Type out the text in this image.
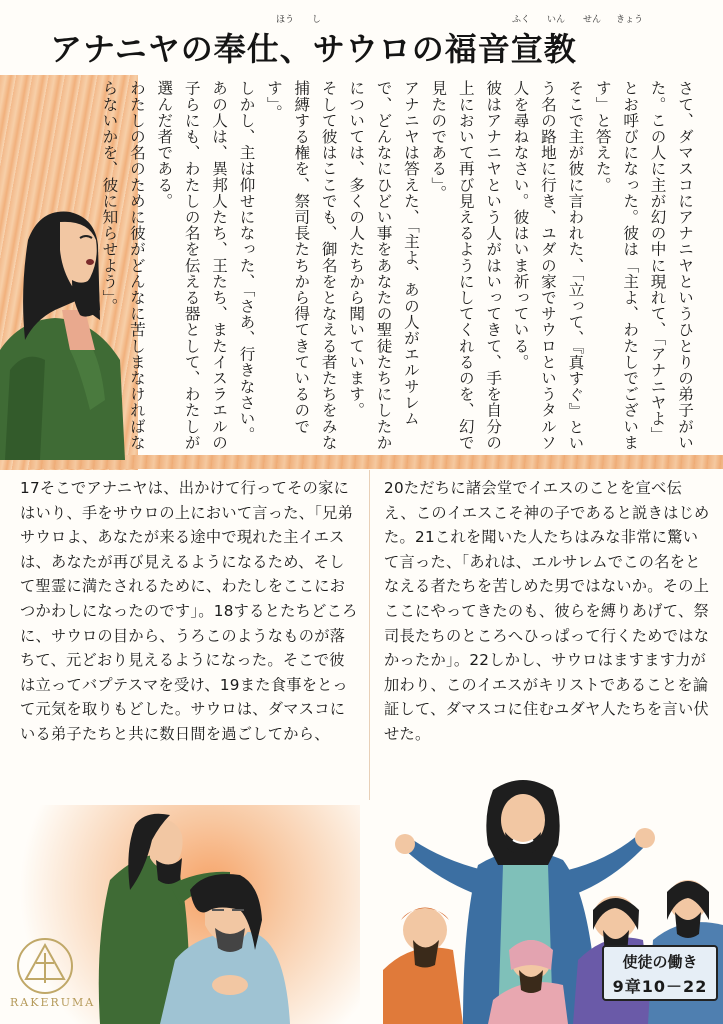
ほう し	ふく いん せん きょう
アナニヤの奉仕、サウロの福音宣教

さて、ダマスコにアナニヤというひとりの弟子がいた。この人に主が幻の中に現れて、「アナニヤよ」とお呼びになった。彼は「主よ、わたしでございます」と答えた。

そこで主が彼に言われた、「立って、『真すぐ』という名の路地に行き、ユダの家でサウロというタルソ人を尋ねなさい。彼はいま祈っている。

彼はアナニヤという人がはいってきて、手を自分の上において再び見えるようにしてくれるのを、幻で見たのである」。

アナニヤは答えた、「主よ、あの人がエルサレムで、どんなにひどい事をあなたの聖徒たちにしたかについては、多くの人たちから聞いています。

そして彼はここでも、御名をとなえる者たちをみな捕縛する権を、祭司長たちから得てきているのです」。

しかし、主は仰せになった、「さあ、行きなさい。あの人は、異邦人たち、王たち、またイスラエルの子らにも、わたしの名を伝える器として、わたしが選んだ者である。

わたしの名のために彼がどんなに苦しまなければならないかを、彼に知らせよう」。

17そこでアナニヤは、出かけて行ってその家にはいり、手をサウロの上において言った、「兄弟サウロよ、あなたが来る途中で現れた主イエスは、あなたが再び見えるようになるため、そして聖霊に満たされるために、わたしをここにおつかわしになったのです」。18するとたちどころに、サウロの目から、うろこのようなものが落ちて、元どおり見えるようになった。そこで彼は立ってバプテスマを受け、19また食事をとって元気を取りもどした。サウロは、ダマスコにいる弟子たちと共に数日間を過ごしてから、
20ただちに諸会堂でイエスのことを宣べ伝え、このイエスこそ神の子であると説きはじめた。21これを聞いた人たちはみな非常に驚いて言った、「あれは、エルサレムでこの名をとなえる者たちを苦しめた男ではないか。その上ここにやってきたのも、彼らを縛りあげて、祭司長たちのところへひっぱって行くためではなかったか」。22しかし、サウロはますます力が加わり、このイエスがキリストであることを論証して、ダマスコに住むユダヤ人たちを言い伏せた。
RAKERUMA
使徒の働き
9章10－22
